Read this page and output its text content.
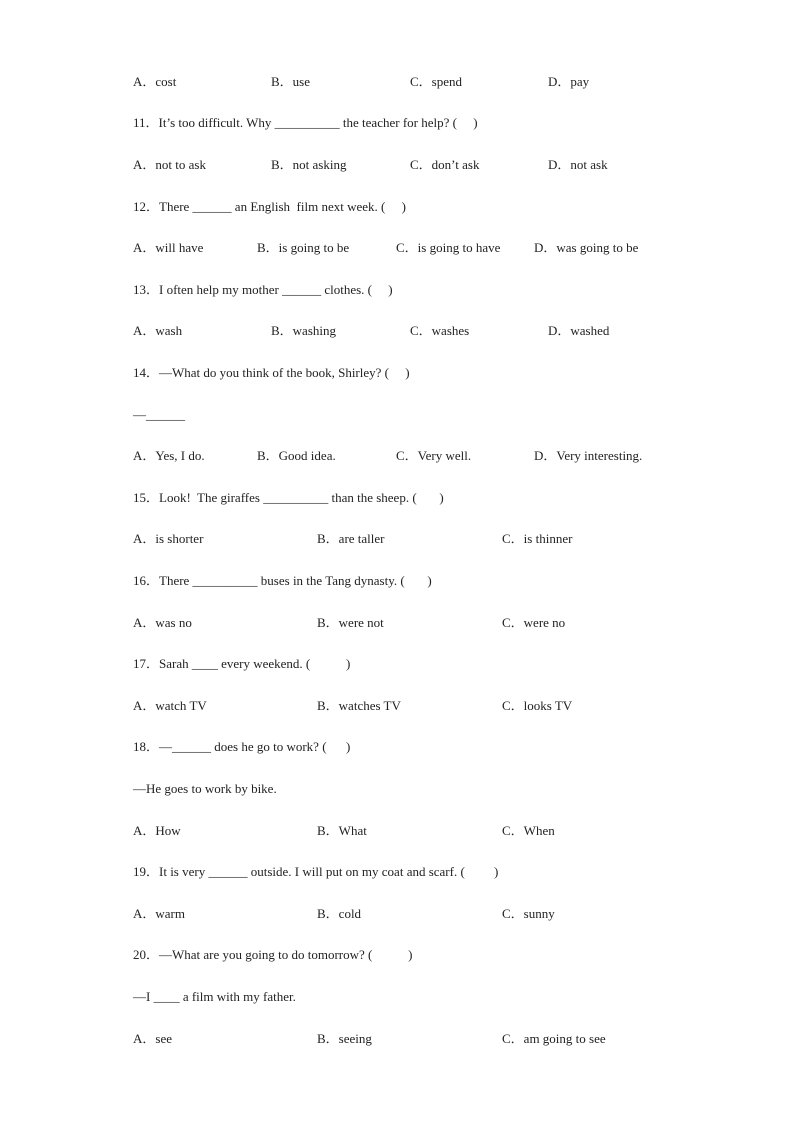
A．cost	B．use	C．spend	D．pay
11．It’s too difficult. Why __________ the teacher for help? (     )
A．not to ask	B．not asking	C．don’t ask	D．not ask
12．There ______ an English  film next week. (     )
A．will have	B．is going to be	C．is going to have	D．was going to be
13．I often help my mother ______ clothes. (     )
A．wash	B．washing	C．washes	D．washed
14．—What do you think of the book, Shirley? (     )
—______
A．Yes, I do.	B．Good idea.	C．Very well.	D．Very interesting.
15．Look!  The giraffes __________ than the sheep. (       )
A．is shorter	B．are taller	C．is thinner
16．There __________ buses in the Tang dynasty. (       )
A．was no	B．were not	C．were no
17．Sarah ____ every weekend. (           )
A．watch TV	B．watches TV	C．looks TV
18．—______ does he go to work? (      )
—He goes to work by bike.
A．How	B．What	C．When
19．It is very ______ outside. I will put on my coat and scarf. (         )
A．warm	B．cold	C．sunny
20．—What are you going to do tomorrow? (           )
—I ____ a film with my father.
A．see	B．seeing	C．am going to see
